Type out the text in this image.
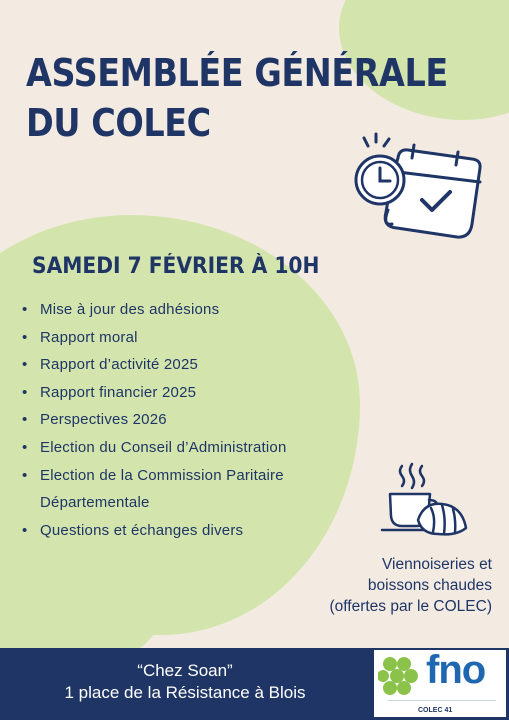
ASSEMBLÉE GÉNÉRALE
DU COLEC
SAMEDI 7 FÉVRIER À 10H
• Mise à jour des adhésions
• Rapport moral
• Rapport d’activité 2025
• Rapport financier 2025
• Perspectives 2026
• Election du Conseil d’Administration
• Election de la Commission Paritaire
Départementale
• Questions et échanges divers
Viennoiseries et
boissons chaudes
(offertes par le COLEC)
“Chez Soan”
1 place de la Résistance à Blois
fno
COLEC 41
